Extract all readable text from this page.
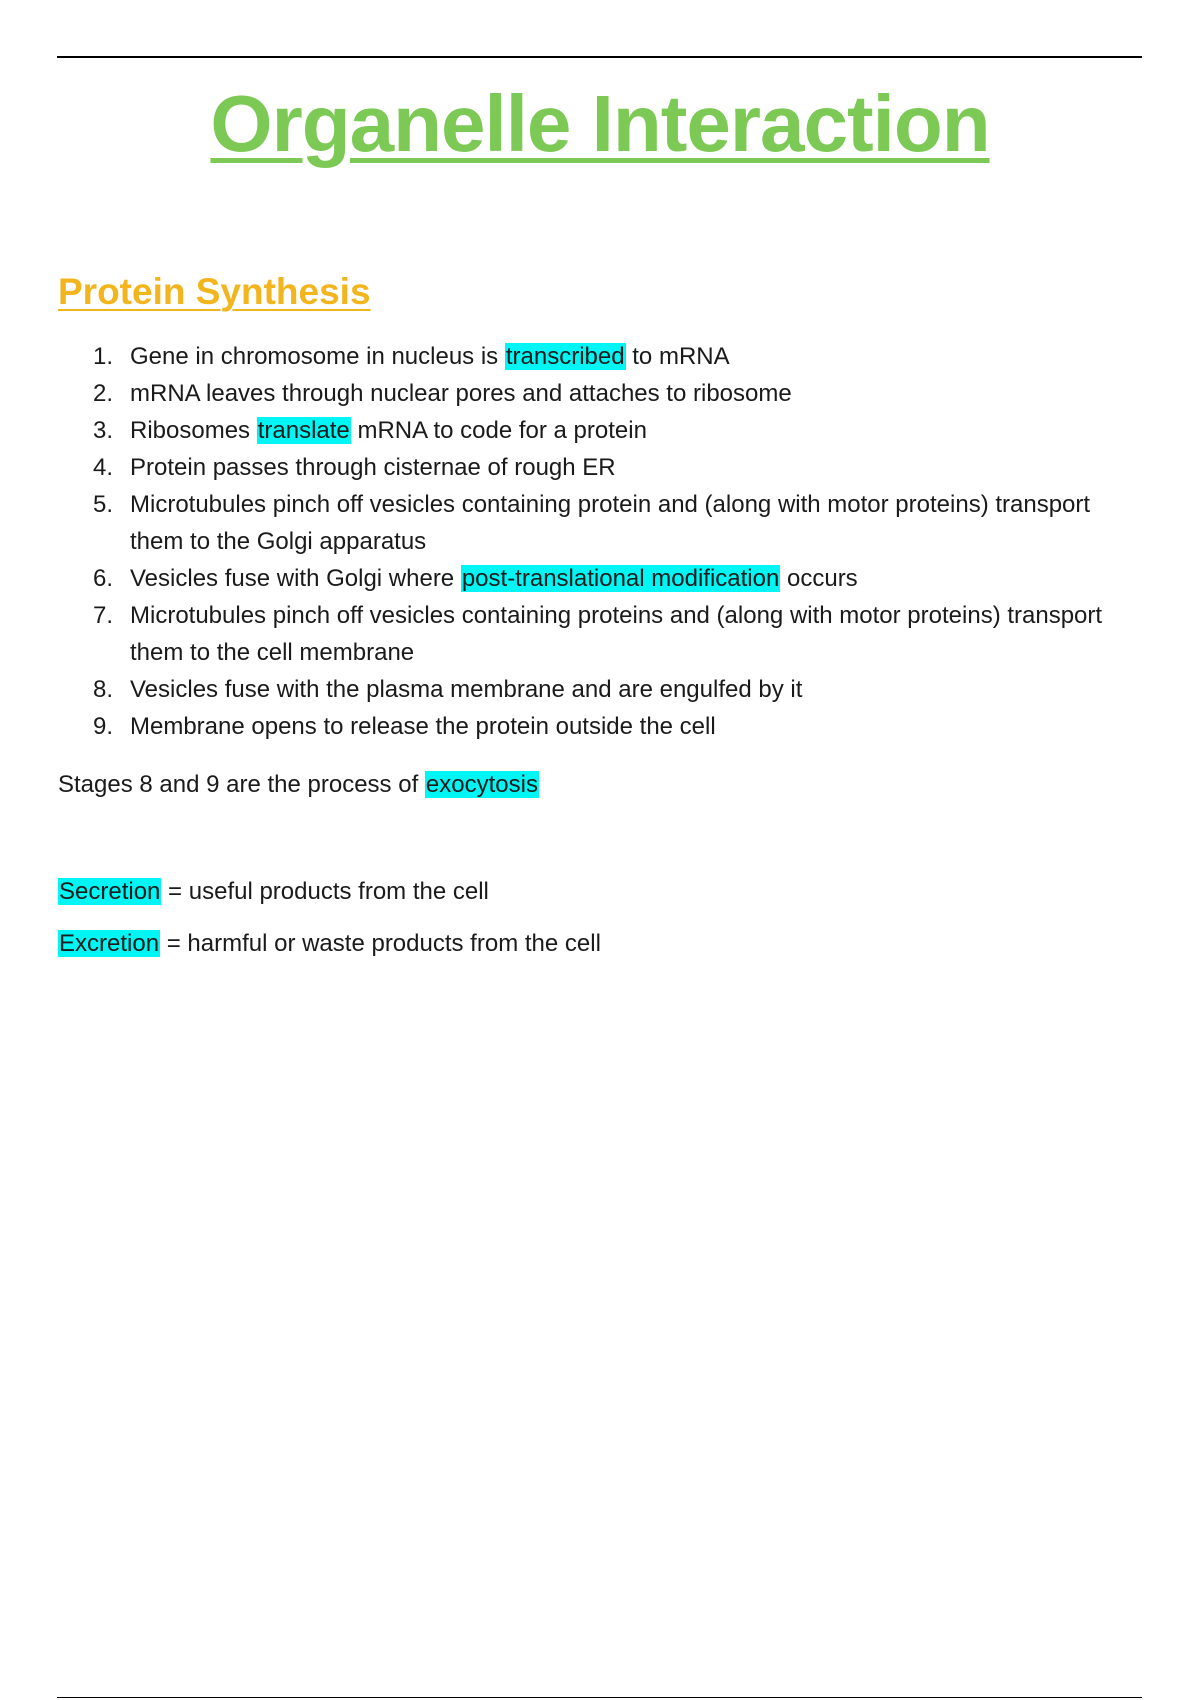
Organelle Interaction
Protein Synthesis
1. Gene in chromosome in nucleus is transcribed to mRNA
2. mRNA leaves through nuclear pores and attaches to ribosome
3. Ribosomes translate mRNA to code for a protein
4. Protein passes through cisternae of rough ER
5. Microtubules pinch off vesicles containing protein and (along with motor proteins) transport them to the Golgi apparatus
6. Vesicles fuse with Golgi where post-translational modification occurs
7. Microtubules pinch off vesicles containing proteins and (along with motor proteins) transport them to the cell membrane
8. Vesicles fuse with the plasma membrane and are engulfed by it
9. Membrane opens to release the protein outside the cell

Stages 8 and 9 are the process of exocytosis

Secretion = useful products from the cell

Excretion = harmful or waste products from the cell
